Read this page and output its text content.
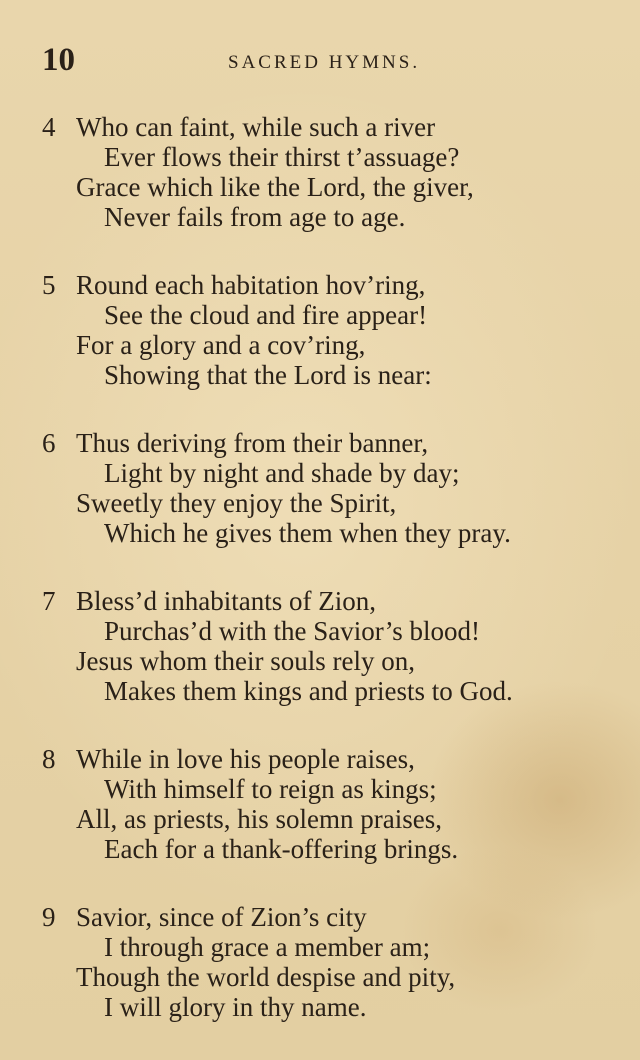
10	SACRED HYMNS.
4 Who can faint, while such a river
Ever flows their thirst t’assuage?
Grace which like the Lord, the giver,
Never fails from age to age.
5 Round each habitation hov’ring,
See the cloud and fire appear!
For a glory and a cov’ring,
Showing that the Lord is near:
6 Thus deriving from their banner,
Light by night and shade by day;
Sweetly they enjoy the Spirit,
Which he gives them when they pray.
7 Bless’d inhabitants of Zion,
Purchas’d with the Savior’s blood!
Jesus whom their souls rely on,
Makes them kings and priests to God.
8 While in love his people raises,
With himself to reign as kings;
All, as priests, his solemn praises,
Each for a thank-offering brings.
9 Savior, since of Zion’s city
I through grace a member am;
Though the world despise and pity,
I will glory in thy name.
